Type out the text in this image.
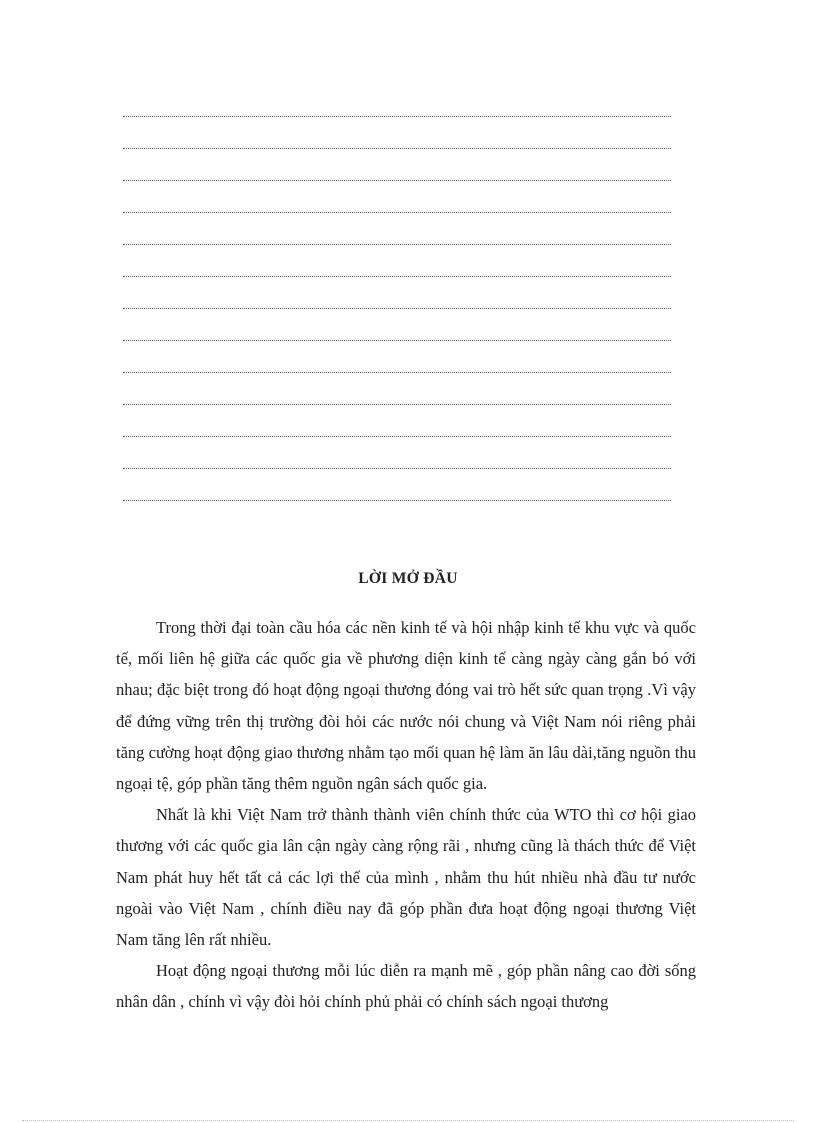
LỜI MỞ ĐẦU

Trong thời đại toàn cầu hóa các nền kinh tế và hội nhập kinh tế khu vực và quốc tế, mối liên hệ giữa các quốc gia về phương diện kinh tế càng ngày càng gắn bó với nhau; đặc biệt trong đó hoạt động ngoại thương đóng vai trò hết sức quan trọng .Vì vậy để đứng vững trên thị trường đòi hỏi các nước nói chung và Việt Nam nói riêng phải tăng cường hoạt động giao thương nhằm tạo mối quan hệ làm ăn lâu dài,tăng nguồn thu ngoại tệ, góp phần tăng thêm nguồn ngân sách quốc gia.

Nhất là khi Việt Nam trở thành thành viên chính thức của WTO thì cơ hội giao thương với các quốc gia lân cận ngày càng rộng rãi , nhưng cũng là thách thức để Việt Nam phát huy hết tất cả các lợi thế của mình , nhằm thu hút nhiều nhà đầu tư nước ngoài vào Việt Nam , chính điều nay đã góp phần đưa hoạt động ngoại thương Việt Nam tăng lên rất nhiều.

Hoạt động ngoại thương mỗi lúc diễn ra mạnh mẽ , góp phần nâng cao đời sống nhân dân , chính vì vậy đòi hỏi chính phủ phải có chính sách ngoại thương
